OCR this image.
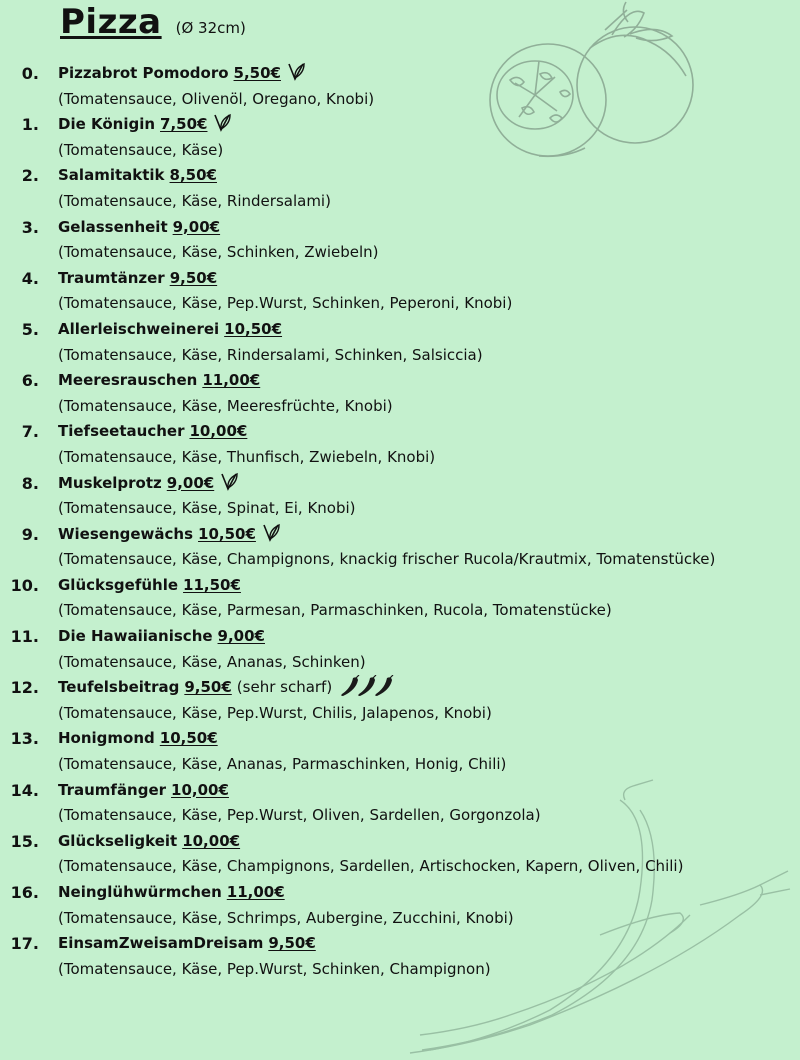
Pizza (Ø 32cm)
0. Pizzabrot Pomodoro 5,50€
(Tomatensauce, Olivenöl, Oregano, Knobi)
1. Die Königin 7,50€
(Tomatensauce, Käse)
2. Salamitaktik 8,50€
(Tomatensauce, Käse, Rindersalami)
3. Gelassenheit 9,00€
(Tomatensauce, Käse, Schinken, Zwiebeln)
4. Traumtänzer 9,50€
(Tomatensauce, Käse, Pep.Wurst, Schinken, Peperoni, Knobi)
5. Allerleischweinerei 10,50€
(Tomatensauce, Käse, Rindersalami, Schinken, Salsiccia)
6. Meeresrauschen 11,00€
(Tomatensauce, Käse, Meeresfrüchte, Knobi)
7. Tiefseetaucher 10,00€
(Tomatensauce, Käse, Thunfisch, Zwiebeln, Knobi)
8. Muskelprotz 9,00€
(Tomatensauce, Käse, Spinat, Ei, Knobi)
9. Wiesengewächs 10,50€
(Tomatensauce, Käse, Champignons, knackig frischer Rucola/Krautmix, Tomatenstücke)
10. Glücksgefühle 11,50€
(Tomatensauce, Käse, Parmesan, Parmaschinken, Rucola, Tomatenstücke)
11. Die Hawaiianische 9,00€
(Tomatensauce, Käse, Ananas, Schinken)
12. Teufelsbeitrag 9,50€ (sehr scharf)
(Tomatensauce, Käse, Pep.Wurst, Chilis, Jalapenos, Knobi)
13. Honigmond 10,50€
(Tomatensauce, Käse, Ananas, Parmaschinken, Honig, Chili)
14. Traumfänger 10,00€
(Tomatensauce, Käse, Pep.Wurst, Oliven, Sardellen, Gorgonzola)
15. Glückseligkeit 10,00€
(Tomatensauce, Käse, Champignons, Sardellen, Artischocken, Kapern, Oliven, Chili)
16. Neinglühwürmchen 11,00€
(Tomatensauce, Käse, Schrimps, Aubergine, Zucchini, Knobi)
17. EinsamZweisamDreisam 9,50€
(Tomatensauce, Käse, Pep.Wurst, Schinken, Champignon)
